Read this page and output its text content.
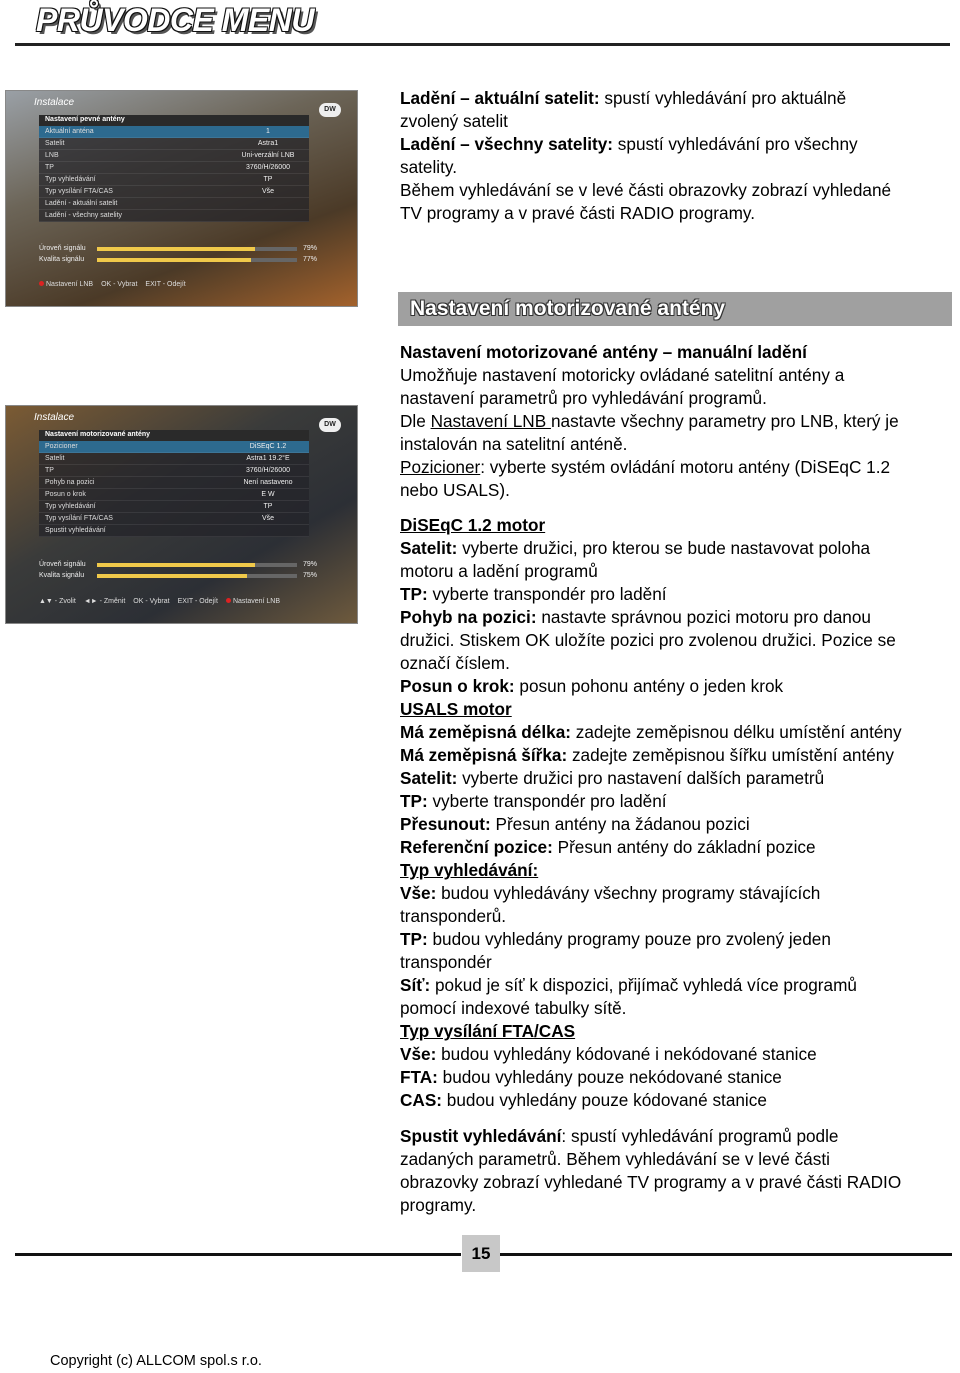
PRŮVODCE MENU
Instalace
DW
Nastavení pevné antény
Aktuální anténa	1
Satelit	Astra1
LNB	Uni-verzální LNB
TP	3760/H/26000
Typ vyhledávání	TP
Typ vysílání FTA/CAS	Vše
Ladění - aktuální satelit
Ladění - všechny satelity
Úroveň signálu	79%
Kvalita signálu	77%
Nastavení LNB OK - Vybrat EXIT - Odejít
Instalace
DW
Nastavení motorizované antény
Pozicioner	DiSEqC 1.2
Satelit	Astra1 19.2°E
TP	3760/H/26000
Pohyb na pozici	Není nastaveno
Posun o krok	E W
Typ vyhledávání	TP
Typ vysílání FTA/CAS	Vše
Spustit vyhledávání
Úroveň signálu	79%
Kvalita signálu	75%
▲▼ - Zvolit ◄► - Změnit OK - Vybrat EXIT - Odejít	Nastavení LNB

Ladění – aktuální satelit: spustí vyhledávání pro aktuálně

zvolený satelit

Ladění – všechny satelity: spustí vyhledávání pro všechny

satelity.

Během vyhledávání se v levé části obrazovky zobrazí vyhledané

TV programy a v pravé části RADIO programy.

Nastavení motorizované antény

Nastavení motorizované antény – manuální ladění

Umožňuje nastavení motoricky ovládané satelitní antény a

nastavení parametrů pro vyhledávání programů.

Dle Nastavení LNB nastavte všechny parametry pro LNB, který je

instalován na satelitní anténě.

Pozicioner: vyberte systém ovládání motoru antény (DiSEqC 1.2

nebo USALS).

DiSEqC 1.2 motor

Satelit: vyberte družici, pro kterou se bude nastavovat poloha

motoru a ladění programů

TP: vyberte transpondér pro ladění

Pohyb na pozici: nastavte správnou pozici motoru pro danou

družici. Stiskem OK uložíte pozici pro zvolenou družici. Pozice se

označí číslem.

Posun o krok: posun pohonu antény o jeden krok

USALS motor

Má zeměpisná délka: zadejte zeměpisnou délku umístění antény

Má zeměpisná šířka: zadejte zeměpisnou šířku umístění antény

Satelit: vyberte družici pro nastavení dalších parametrů

TP: vyberte transpondér pro ladění

Přesunout: Přesun antény na žádanou pozici

Referenční pozice: Přesun antény do základní pozice

Typ vyhledávání:

Vše: budou vyhledávány všechny programy stávajících

transponderů.

TP: budou vyhledány programy pouze pro zvolený jeden

transpondér

Síť: pokud je síť k dispozici, přijímač vyhledá více programů

pomocí indexové tabulky sítě.

Typ vysílání FTA/CAS

Vše: budou vyhledány kódované i nekódované stanice

FTA: budou vyhledány pouze nekódované stanice

CAS: budou vyhledány pouze kódované stanice

Spustit vyhledávání: spustí vyhledávání programů podle

zadaných parametrů. Během vyhledávání se v levé části

obrazovky zobrazí vyhledané TV programy a v pravé části RADIO

programy.

15
Copyright (c) ALLCOM spol.s r.o.
